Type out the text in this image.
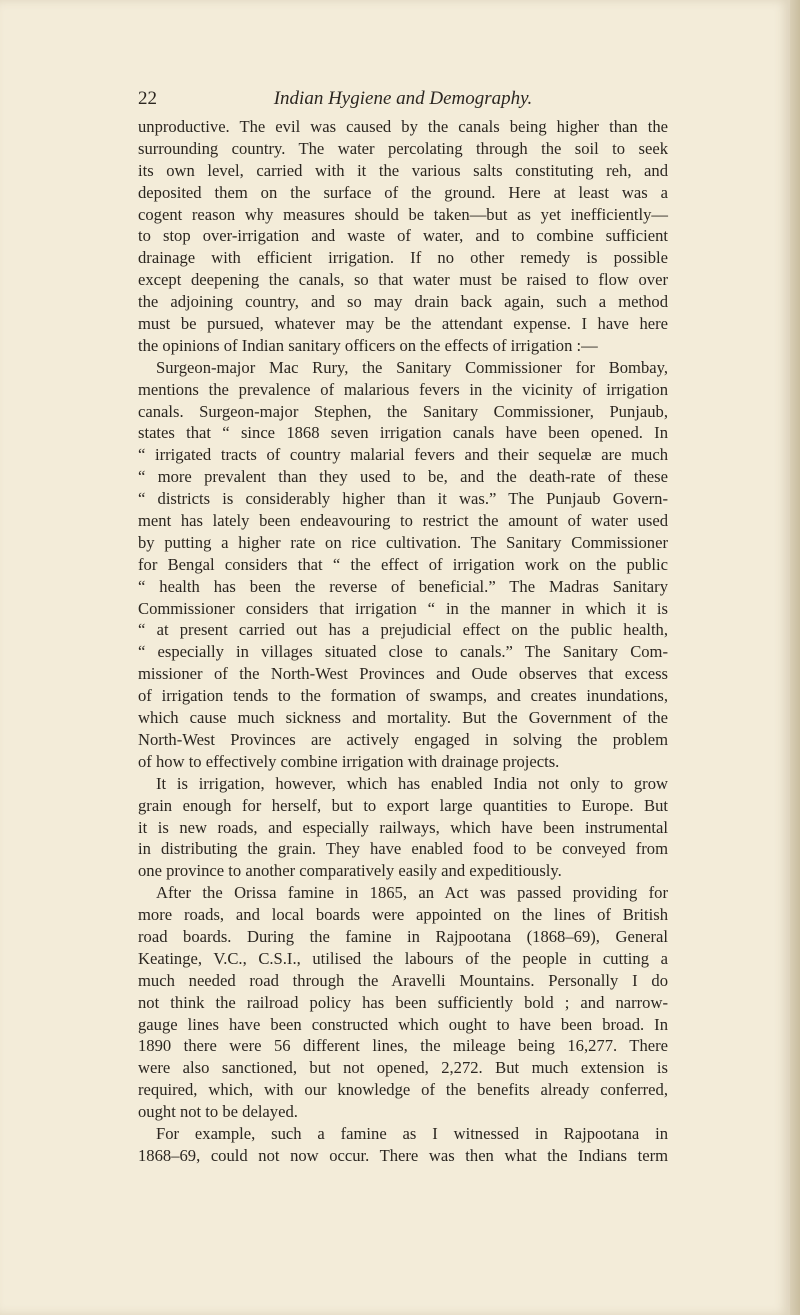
22	Indian Hygiene and Demography.
unproductive. The evil was caused by the canals being higher than the
surrounding country. The water percolating through the soil to seek
its own level, carried with it the various salts constituting reh, and
deposited them on the surface of the ground. Here at least was a
cogent reason why measures should be taken—but as yet inefficiently—
to stop over-irrigation and waste of water, and to combine sufficient
drainage with efficient irrigation. If no other remedy is possible
except deepening the canals, so that water must be raised to flow over
the adjoining country, and so may drain back again, such a method
must be pursued, whatever may be the attendant expense. I have here
the opinions of Indian sanitary officers on the effects of irrigation :—
Surgeon-major Mac Rury, the Sanitary Commissioner for Bombay,
mentions the prevalence of malarious fevers in the vicinity of irrigation
canals. Surgeon-major Stephen, the Sanitary Commissioner, Punjaub,
states that “ since 1868 seven irrigation canals have been opened. In
“ irrigated tracts of country malarial fevers and their sequelæ are much
“ more prevalent than they used to be, and the death-rate of these
“ districts is considerably higher than it was.” The Punjaub Govern-
ment has lately been endeavouring to restrict the amount of water used
by putting a higher rate on rice cultivation. The Sanitary Commissioner
for Bengal considers that “ the effect of irrigation work on the public
“ health has been the reverse of beneficial.” The Madras Sanitary
Commissioner considers that irrigation “ in the manner in which it is
“ at present carried out has a prejudicial effect on the public health,
“ especially in villages situated close to canals.” The Sanitary Com-
missioner of the North-West Provinces and Oude observes that excess
of irrigation tends to the formation of swamps, and creates inundations,
which cause much sickness and mortality. But the Government of the
North-West Provinces are actively engaged in solving the problem
of how to effectively combine irrigation with drainage projects.
It is irrigation, however, which has enabled India not only to grow
grain enough for herself, but to export large quantities to Europe. But
it is new roads, and especially railways, which have been instrumental
in distributing the grain. They have enabled food to be conveyed from
one province to another comparatively easily and expeditiously.
After the Orissa famine in 1865, an Act was passed providing for
more roads, and local boards were appointed on the lines of British
road boards. During the famine in Rajpootana (1868–69), General
Keatinge, V.C., C.S.I., utilised the labours of the people in cutting a
much needed road through the Aravelli Mountains. Personally I do
not think the railroad policy has been sufficiently bold ; and narrow-
gauge lines have been constructed which ought to have been broad. In
1890 there were 56 different lines, the mileage being 16,277. There
were also sanctioned, but not opened, 2,272. But much extension is
required, which, with our knowledge of the benefits already conferred,
ought not to be delayed.
For example, such a famine as I witnessed in Rajpootana in
1868–69, could not now occur. There was then what the Indians term
